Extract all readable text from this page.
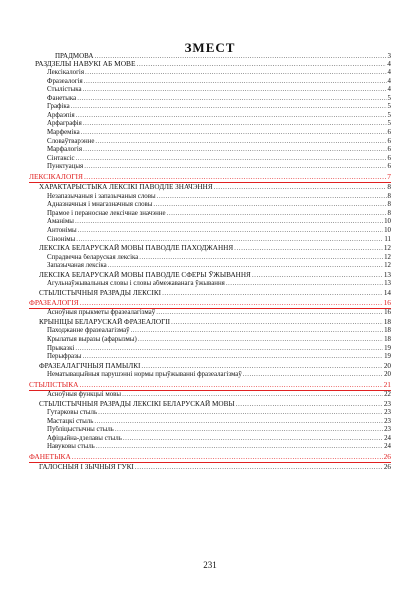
ЗМЕСТ
ПРАДМОВА .....	3
РАЗДЗЕЛЫ НАВУКІ АБ МОВЕ .....	4
Лексікалогія .....	4
Фразеалогія .....	4
Стылістыка .....	4
Фанетыка .....	5
Графіка .....	5
Арфаэпія .....	5
Арфаграфія .....	5
Марфеміка .....	6
Словаўтварэнне .....	6
Марфалогія .....	6
Сінтаксіс .....	6
Пунктуацыя .....	6
ЛЕКСІКАЛОГІЯ .....	7
ХАРАКТАРЫСТЫКА ЛЕКСІКІ ПАВОДЛЕ ЗНАЧЭННЯ .....	8
Незапазычаныя і запазычаныя словы .....	8
Адназначныя і мнагазначныя словы .....	8
Прамое і пераноснае лексічнае значэнне .....	8
Аманімы .....	10
Антонімы .....	10
Сінонімы .....	11
ЛЕКСІКА БЕЛАРУСКАЙ МОВЫ ПАВОДЛЕ ПАХОДЖАННЯ .....	12
Спрадвечна беларуская лексіка .....	12
Запазычаная лексіка .....	12
ЛЕКСІКА БЕЛАРУСКАЙ МОВЫ ПАВОДЛЕ СФЕРЫ ЎЖЫВАННЯ .....	13
Агульнаўжывальныя словы і словы абмежаванага ўжывання .....	13
СТЫЛІСТЫЧНЫЯ РАЗРАДЫ ЛЕКСІКІ .....	14
ФРАЗЕАЛОГІЯ .....	16
Асноўныя прыкметы фразеалагізмаў .....	16
КРЫНІЦЫ БЕЛАРУСКАЙ ФРАЗЕАЛОГІІ .....	18
Паходжанне фразеалагізмаў .....	18
Крылатыя выразы (афарызмы) .....	18
Прыказкі .....	19
Перыфразы .....	19
ФРАЗЕАЛАГІЧНЫЯ ПАМЫЛКІ .....	20
Нематывацыйныя парушэнні нормы прыўжыванні фразеалагізмаў .....	20
СТЫЛІСТЫКА .....	21
Асноўныя функцыі мовы .....	22
СТЫЛІСТЫЧНЫЯ РАЗРАДЫ ЛЕКСІКІ БЕЛАРУСКАЙ МОВЫ .....	23
Гутарковы стыль .....	23
Мастацкі стыль .....	23
Публіцыстычны стыль .....	23
Афіцыйна-дзелавы стыль .....	24
Навуковы стыль .....	24
ФАНЕТЫКА .....	26
ГАЛОСНЫЯ І ЗЫЧНЫЯ ГУКІ .....	26
231
